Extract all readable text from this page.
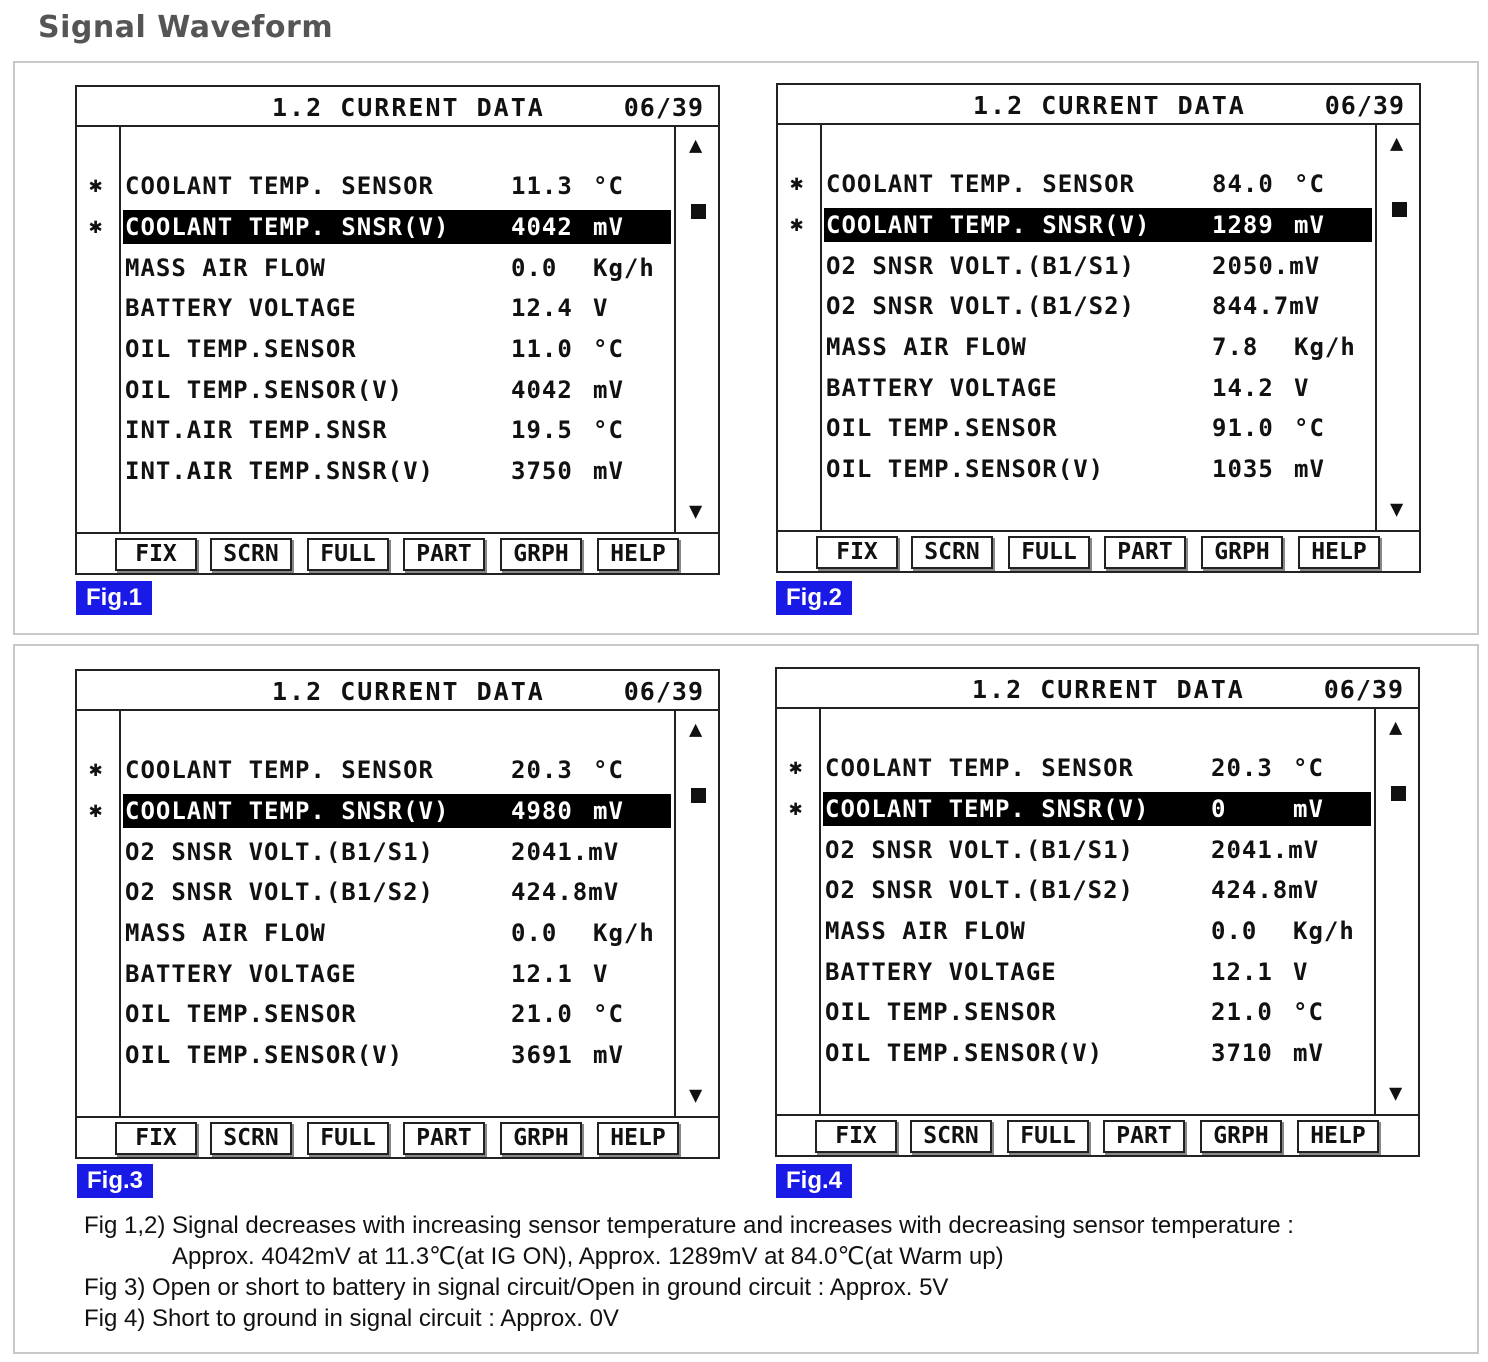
Signal Waveform
1.2 CURRENT DATA	06/39
▲
▼
✱ COOLANT TEMP. SENSOR	11.3 °C
✱ COOLANT TEMP. SNSR(V)	4042 mV
MASS AIR FLOW	0.0 Kg/h
BATTERY VOLTAGE	12.4 V
OIL TEMP.SENSOR	11.0 °C
OIL TEMP.SENSOR(V)	4042 mV
INT.AIR TEMP.SNSR	19.5 °C
INT.AIR TEMP.SNSR(V)	3750 mV
FIX	SCRN	FULL	PART	GRPH	HELP
Fig.1
1.2 CURRENT DATA	06/39
▲
▼
✱ COOLANT TEMP. SENSOR	84.0 °C
✱ COOLANT TEMP. SNSR(V)	1289 mV
O2 SNSR VOLT.(B1/S1)	2050.mV
O2 SNSR VOLT.(B1/S2)	844.7mV
MASS AIR FLOW	7.8 Kg/h
BATTERY VOLTAGE	14.2 V
OIL TEMP.SENSOR	91.0 °C
OIL TEMP.SENSOR(V)	1035 mV
FIX	SCRN	FULL	PART	GRPH	HELP
Fig.2
1.2 CURRENT DATA	06/39
▲
▼
✱ COOLANT TEMP. SENSOR	20.3 °C
✱ COOLANT TEMP. SNSR(V)	4980 mV
O2 SNSR VOLT.(B1/S1)	2041.mV
O2 SNSR VOLT.(B1/S2)	424.8mV
MASS AIR FLOW	0.0 Kg/h
BATTERY VOLTAGE	12.1 V
OIL TEMP.SENSOR	21.0 °C
OIL TEMP.SENSOR(V)	3691 mV
FIX	SCRN	FULL	PART	GRPH	HELP
Fig.3
1.2 CURRENT DATA	06/39
▲
▼
✱ COOLANT TEMP. SENSOR	20.3 °C
✱ COOLANT TEMP. SNSR(V)	0	mV
O2 SNSR VOLT.(B1/S1)	2041.mV
O2 SNSR VOLT.(B1/S2)	424.8mV
MASS AIR FLOW	0.0 Kg/h
BATTERY VOLTAGE	12.1 V
OIL TEMP.SENSOR	21.0 °C
OIL TEMP.SENSOR(V)	3710 mV
FIX	SCRN	FULL	PART	GRPH	HELP
Fig.4

Fig 1,2) Signal decreases with increasing sensor temperature and increases with decreasing sensor temperature :

Approx. 4042mV at 11.3℃(at IG ON), Approx. 1289mV at 84.0℃(at Warm up)

Fig 3) Open or short to battery in signal circuit/Open in ground circuit : Approx. 5V

Fig 4) Short to ground in signal circuit : Approx. 0V
